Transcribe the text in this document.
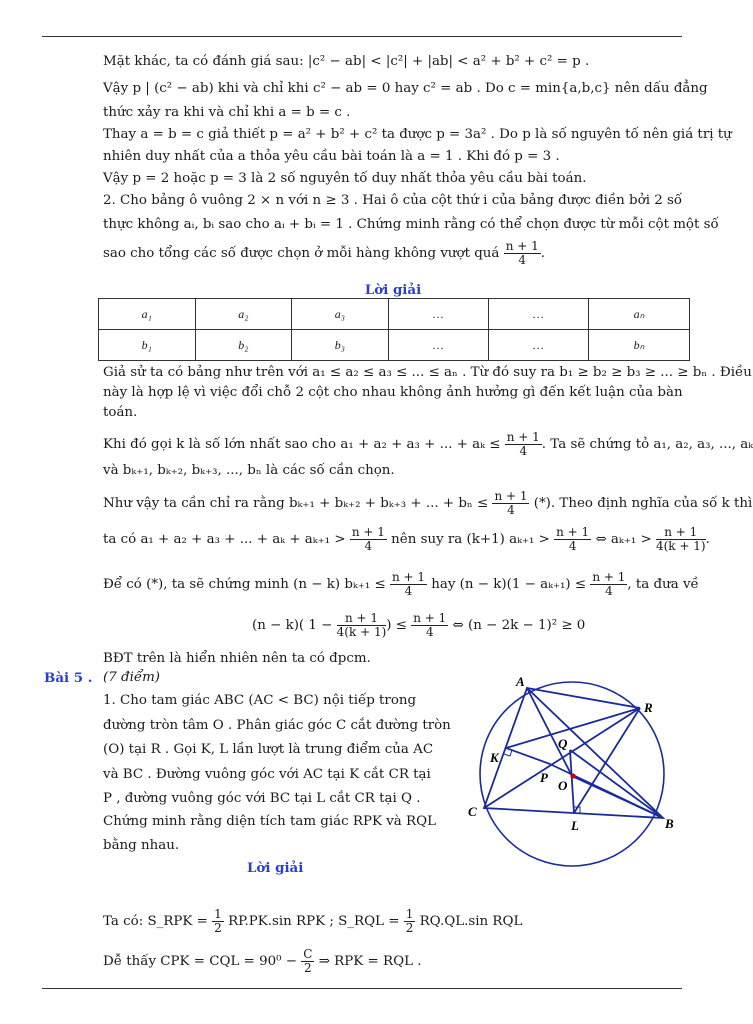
Mặt khác, ta có đánh giá sau: |c² − ab| < |c²| + |ab| < a² + b² + c² = p .
Vậy p | (c² − ab) khi và chỉ khi c² − ab = 0 hay c² = ab . Do c = min{a,b,c} nên dấu đẳng
thức xảy ra khi và chỉ khi a = b = c .
Thay a = b = c giả thiết p = a² + b² + c² ta được p = 3a² . Do p là số nguyên tố nên giá trị tự
nhiên duy nhất của a thỏa yêu cầu bài toán là a = 1 . Khi đó p = 3 .
Vậy p = 2 hoặc p = 3 là 2 số nguyên tố duy nhất thỏa yêu cầu bài toán.
2. Cho bảng ô vuông 2 × n với n ≥ 3 . Hai ô của cột thứ i của bảng được điền bởi 2 số
thực không aᵢ, bᵢ sao cho aᵢ + bᵢ = 1 . Chứng minh rằng có thể chọn được từ mỗi cột một số
sao cho tổng các số được chọn ở mỗi hàng không vượt quá $\frac{n + 1}{4}$ .
Lời giải
a₁	a₂	a₃	…	…	aₙ
b₁	b₂	b₃	…	…	bₙ
Giả sử ta có bảng như trên với a₁ ≤ a₂ ≤ a₃ ≤ ... ≤ aₙ . Từ đó suy ra b₁ ≥ b₂ ≥ b₃ ≥ ... ≥ bₙ . Điều
này là hợp lệ vì việc đổi chỗ 2 cột cho nhau không ảnh hưởng gì đến kết luận của bàn
toán.
Khi đó gọi k là số lớn nhất sao cho a₁ + a₂ + a₃ + ... + $a_k \le \frac{n + 1}{4}$ . Ta sẽ chứng tỏ a₁, a₂, a₃, ..., aₖ
và bₖ₊₁, bₖ₊₂, bₖ₊₃, ..., bₙ là các số cần chọn.
Như vậy ta cần chỉ ra rằng bₖ₊₁ + bₖ₊₂ + bₖ₊₃ + ... + $b_n \le \frac{n + 1}{4}$ (*). Theo định nghĩa của số k thì
ta có a₁ + a₂ + a₃ + ... + $a_k + a_{k+1} > \frac{n + 1}{4}$ nên suy ra (k+1) $a_{k+1} > \frac{n + 1}{4}$ ⇔ $a_{k+1} > \frac{n + 1}{4(k + 1)}$ .
Để có (*), ta sẽ chứng minh (n − k) $b_{k+1} \le \frac{n + 1}{4}$ hay $(n - k)(1 - a_{k+1}) \le \frac{n + 1}{4}$ , ta đưa về
(n − k)( $1 - \frac{n + 1}{4(k + 1)}$ ) ≤ $\frac{n + 1}{4}$ ⇔ (n − 2k − 1)² ≥ 0
BĐT trên là hiển nhiên nên ta có đpcm.
Bài 5 . (7 điểm)
1. Cho tam giác ABC (AC < BC) nội tiếp trong
đường tròn tâm O . Phân giác góc C cắt đường tròn
(O) tại R . Gọi K, L lần lượt là trung điểm của AC
và BC . Đường vuông góc với AC tại K cắt CR tại
P , đường vuông góc với BC tại L cắt CR tại Q .
Chứng minh rằng diện tích tam giác RPK và RQL
bằng nhau.
Lời giải
A
R
K
Q
P
O
C
L	B
Ta có: S_RPK = $\frac{1}{2} RP.PK.\sin$ RPK ; S_RQL = $\frac{1}{2} RQ.QL.\sin$ RQL
Dễ thấy CPK = CQL = $90^0 - \frac{C}{2}$ ⇒ RPK = RQL .
